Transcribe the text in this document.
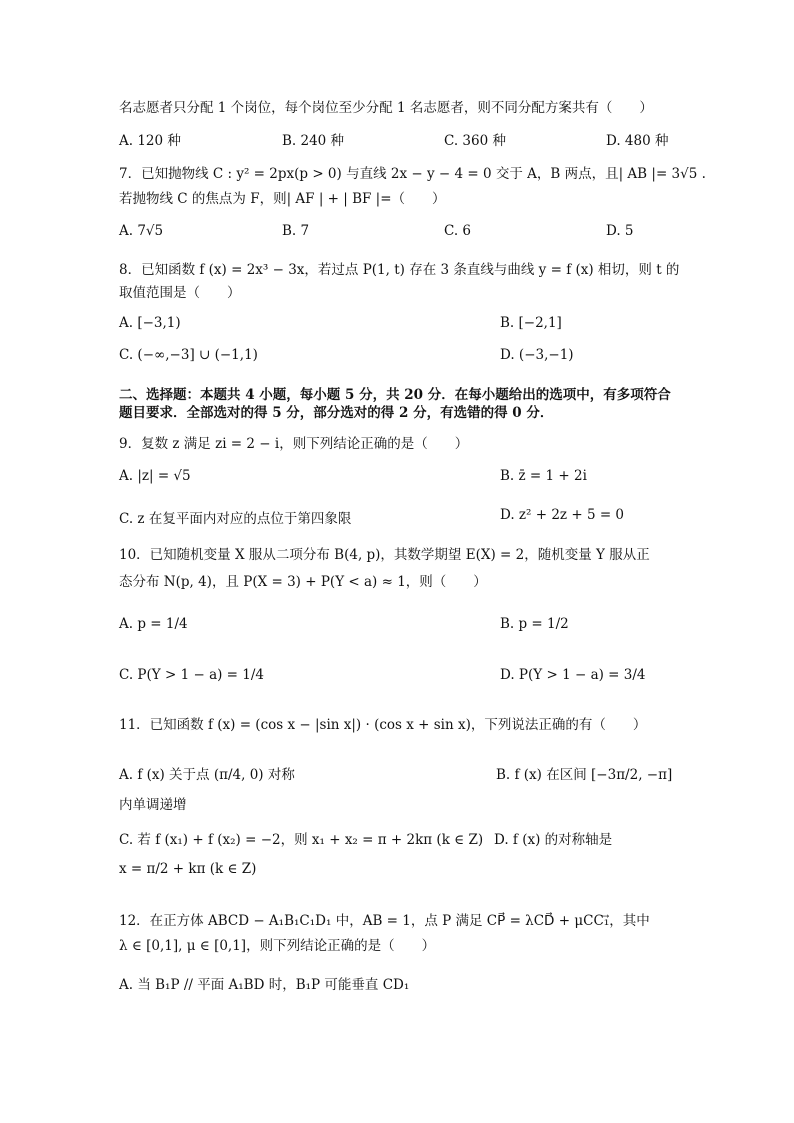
名志愿者只分配 1 个岗位，每个岗位至少分配 1 名志愿者，则不同分配方案共有（　　）
A. 120 种	B. 240 种	C. 360 种	D. 480 种
7．已知抛物线 C : y² = 2px(p > 0) 与直线 2x − y − 4 = 0 交于 A，B 两点，且| AB |= 3√5 .
若抛物线 C 的焦点为 F，则| AF | + | BF |=（　　）
A. 7√5	B. 7	C. 6	D. 5
8．已知函数 f (x) = 2x³ − 3x，若过点 P(1, t) 存在 3 条直线与曲线 y = f (x) 相切，则 t 的
取值范围是（　　）
A. [−3,1)	B. [−2,1]
C. (−∞,−3] ∪ (−1,1)	D. (−3,−1)
二、选择题：本题共 4 小题，每小题 5 分，共 20 分．在每小题给出的选项中，有多项符合
题目要求．全部选对的得 5 分，部分选对的得 2 分，有选错的得 0 分．
9．复数 z 满足 zi = 2 − i，则下列结论正确的是（　　）
A. |z| = √5	B. z̄ = 1 + 2i
C. z 在复平面内对应的点位于第四象限	D. z² + 2z + 5 = 0
10．已知随机变量 X 服从二项分布 B(4, p)，其数学期望 E(X) = 2，随机变量 Y 服从正
态分布 N(p, 4)，且 P(X = 3) + P(Y < a) ≈ 1，则（　　）
A. p = 1/4	B. p = 1/2
C. P(Y > 1 − a) = 1/4	D. P(Y > 1 − a) = 3/4
11．已知函数 f (x) = (cos x − |sin x|) · (cos x + sin x)，下列说法正确的有（　　）
A. f (x) 关于点 (π/4, 0) 对称	B. f (x) 在区间 [−3π/2, −π]
内单调递增
C. 若 f (x₁) + f (x₂) = −2，则 x₁ + x₂ = π + 2kπ (k ∈ Z) D. f (x) 的对称轴是
x = π/2 + kπ (k ∈ Z)
12．在正方体 ABCD − A₁B₁C₁D₁ 中，AB = 1，点 P 满足 CP⃗ = λCD⃗ + μCC₁⃗，其中
λ ∈ [0,1], μ ∈ [0,1]，则下列结论正确的是（　　）
A. 当 B₁P // 平面 A₁BD 时，B₁P 可能垂直 CD₁
